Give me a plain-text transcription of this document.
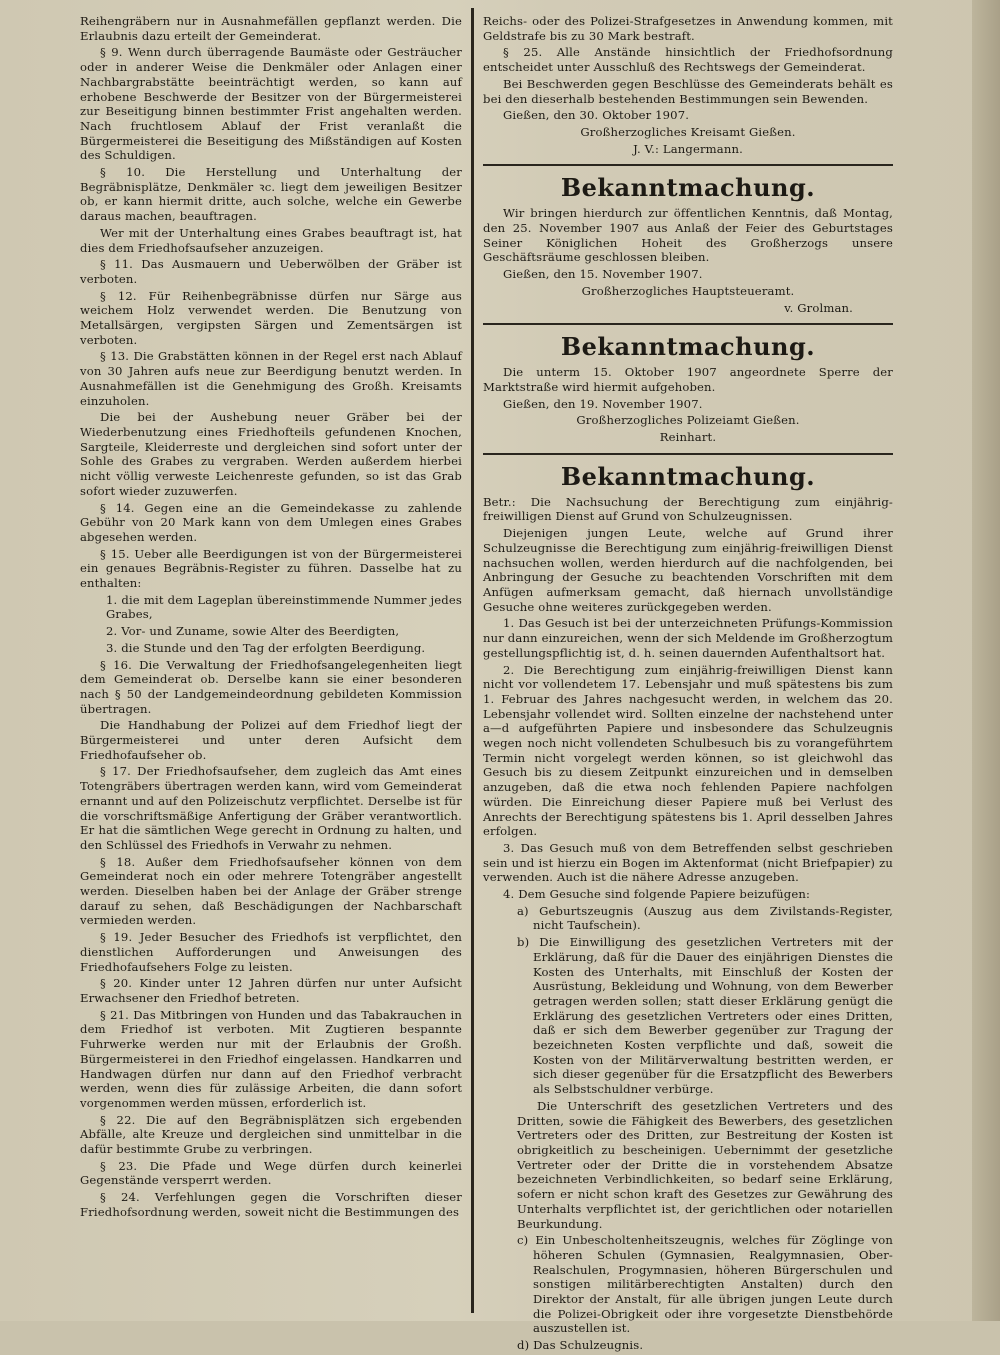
Reihengräbern nur in Ausnahmefällen gepflanzt werden. Die Erlaubnis dazu erteilt der Gemeinderat.

§ 9. Wenn durch überragende Baumäste oder Gesträucher oder in anderer Weise die Denkmäler oder Anlagen einer Nachbargrabstätte beeinträchtigt werden, so kann auf erhobene Beschwerde der Besitzer von der Bürgermeisterei zur Beseitigung binnen bestimmter Frist angehalten werden. Nach fruchtlosem Ablauf der Frist veranlaßt die Bürgermeisterei die Beseitigung des Mißständigen auf Kosten des Schuldigen.

§ 10. Die Herstellung und Unterhaltung der Begräbnisplätze, Denkmäler ꝛc. liegt dem jeweiligen Besitzer ob, er kann hiermit dritte, auch solche, welche ein Gewerbe daraus machen, beauftragen.

Wer mit der Unterhaltung eines Grabes beauftragt ist, hat dies dem Friedhofsaufseher anzuzeigen.

§ 11. Das Ausmauern und Ueberwölben der Gräber ist verboten.

§ 12. Für Reihenbegräbnisse dürfen nur Särge aus weichem Holz verwendet werden. Die Benutzung von Metallsärgen, vergipsten Särgen und Zementsärgen ist verboten.

§ 13. Die Grabstätten können in der Regel erst nach Ablauf von 30 Jahren aufs neue zur Beerdigung benutzt werden. In Ausnahmefällen ist die Genehmigung des Großh. Kreisamts einzuholen.

Die bei der Aushebung neuer Gräber bei der Wiederbenutzung eines Friedhofteils gefundenen Knochen, Sargteile, Kleiderreste und dergleichen sind sofort unter der Sohle des Grabes zu vergraben. Werden außerdem hierbei nicht völlig verweste Leichenreste gefunden, so ist das Grab sofort wieder zuzuwerfen.

§ 14. Gegen eine an die Gemeindekasse zu zahlende Gebühr von 20 Mark kann von dem Umlegen eines Grabes abgesehen werden.

§ 15. Ueber alle Beerdigungen ist von der Bürgermeisterei ein genaues Begräbnis-Register zu führen. Dasselbe hat zu enthalten:

1. die mit dem Lageplan übereinstimmende Nummer jedes Grabes,

2. Vor- und Zuname, sowie Alter des Beerdigten,

3. die Stunde und den Tag der erfolgten Beerdigung.

§ 16. Die Verwaltung der Friedhofsangelegenheiten liegt dem Gemeinderat ob. Derselbe kann sie einer besonderen nach § 50 der Landgemeindeordnung gebildeten Kommission übertragen.

Die Handhabung der Polizei auf dem Friedhof liegt der Bürgermeisterei und unter deren Aufsicht dem Friedhofaufseher ob.

§ 17. Der Friedhofsaufseher, dem zugleich das Amt eines Totengräbers übertragen werden kann, wird vom Gemeinderat ernannt und auf den Polizeischutz verpflichtet. Derselbe ist für die vorschriftsmäßige Anfertigung der Gräber verantwortlich. Er hat die sämtlichen Wege gerecht in Ordnung zu halten, und den Schlüssel des Friedhofs in Verwahr zu nehmen.

§ 18. Außer dem Friedhofsaufseher können von dem Gemeinderat noch ein oder mehrere Totengräber angestellt werden. Dieselben haben bei der Anlage der Gräber strenge darauf zu sehen, daß Beschädigungen der Nachbarschaft vermieden werden.

§ 19. Jeder Besucher des Friedhofs ist verpflichtet, den dienstlichen Aufforderungen und Anweisungen des Friedhofaufsehers Folge zu leisten.

§ 20. Kinder unter 12 Jahren dürfen nur unter Aufsicht Erwachsener den Friedhof betreten.

§ 21. Das Mitbringen von Hunden und das Tabakrauchen in dem Friedhof ist verboten. Mit Zugtieren bespannte Fuhrwerke werden nur mit der Erlaubnis der Großh. Bürgermeisterei in den Friedhof eingelassen. Handkarren und Handwagen dürfen nur dann auf den Friedhof verbracht werden, wenn dies für zulässige Arbeiten, die dann sofort vorgenommen werden müssen, erforderlich ist.

§ 22. Die auf den Begräbnisplätzen sich ergebenden Abfälle, alte Kreuze und dergleichen sind unmittelbar in die dafür bestimmte Grube zu verbringen.

§ 23. Die Pfade und Wege dürfen durch keinerlei Gegenstände versperrt werden.

§ 24. Verfehlungen gegen die Vorschriften dieser Friedhofsordnung werden, soweit nicht die Bestimmungen des

Reichs- oder des Polizei-Strafgesetzes in Anwendung kommen, mit Geldstrafe bis zu 30 Mark bestraft.

§ 25. Alle Anstände hinsichtlich der Friedhofsordnung entscheidet unter Ausschluß des Rechtswegs der Gemeinderat.

Bei Beschwerden gegen Beschlüsse des Gemeinderats behält es bei den dieserhalb bestehenden Bestimmungen sein Bewenden.

Gießen, den 30. Oktober 1907.

Großherzogliches Kreisamt Gießen.

J. V.: Langermann.

Bekanntmachung.

Wir bringen hierdurch zur öffentlichen Kenntnis, daß Montag, den 25. November 1907 aus Anlaß der Feier des Geburtstages Seiner Königlichen Hoheit des Großherzogs unsere Geschäftsräume geschlossen bleiben.

Gießen, den 15. November 1907.

Großherzogliches Hauptsteueramt.

v. Grolman.

Bekanntmachung.

Die unterm 15. Oktober 1907 angeordnete Sperre der Marktstraße wird hiermit aufgehoben.

Gießen, den 19. November 1907.

Großherzogliches Polizeiamt Gießen.

Reinhart.

Bekanntmachung.

Betr.: Die Nachsuchung der Berechtigung zum einjährig-freiwilligen Dienst auf Grund von Schulzeugnissen.

Diejenigen jungen Leute, welche auf Grund ihrer Schulzeugnisse die Berechtigung zum einjährig-freiwilligen Dienst nachsuchen wollen, werden hierdurch auf die nachfolgenden, bei Anbringung der Gesuche zu beachtenden Vorschriften mit dem Anfügen aufmerksam gemacht, daß hiernach unvollständige Gesuche ohne weiteres zurückgegeben werden.

1. Das Gesuch ist bei der unterzeichneten Prüfungs-Kommission nur dann einzureichen, wenn der sich Meldende im Großherzogtum gestellungspflichtig ist, d. h. seinen dauernden Aufenthaltsort hat.

2. Die Berechtigung zum einjährig-freiwilligen Dienst kann nicht vor vollendetem 17. Lebensjahr und muß spätestens bis zum 1. Februar des Jahres nachgesucht werden, in welchem das 20. Lebensjahr vollendet wird. Sollten einzelne der nachstehend unter a—d aufgeführten Papiere und insbesondere das Schulzeugnis wegen noch nicht vollendeten Schulbesuch bis zu vorangeführtem Termin nicht vorgelegt werden können, so ist gleichwohl das Gesuch bis zu diesem Zeitpunkt einzureichen und in demselben anzugeben, daß die etwa noch fehlenden Papiere nachfolgen würden. Die Einreichung dieser Papiere muß bei Verlust des Anrechts der Berechtigung spätestens bis 1. April desselben Jahres erfolgen.

3. Das Gesuch muß von dem Betreffenden selbst geschrieben sein und ist hierzu ein Bogen im Aktenformat (nicht Briefpapier) zu verwenden. Auch ist die nähere Adresse anzugeben.

4. Dem Gesuche sind folgende Papiere beizufügen:

a) Geburtszeugnis (Auszug aus dem Zivilstands-Register, nicht Taufschein).

b) Die Einwilligung des gesetzlichen Vertreters mit der Erklärung, daß für die Dauer des einjährigen Dienstes die Kosten des Unterhalts, mit Einschluß der Kosten der Ausrüstung, Bekleidung und Wohnung, von dem Bewerber getragen werden sollen; statt dieser Erklärung genügt die Erklärung des gesetzlichen Vertreters oder eines Dritten, daß er sich dem Bewerber gegenüber zur Tragung der bezeichneten Kosten verpflichte und daß, soweit die Kosten von der Militärverwaltung bestritten werden, er sich dieser gegenüber für die Ersatzpflicht des Bewerbers als Selbstschuldner verbürge.

Die Unterschrift des gesetzlichen Vertreters und des Dritten, sowie die Fähigkeit des Bewerbers, des gesetzlichen Vertreters oder des Dritten, zur Bestreitung der Kosten ist obrigkeitlich zu bescheinigen. Uebernimmt der gesetzliche Vertreter oder der Dritte die in vorstehendem Absatze bezeichneten Verbindlichkeiten, so bedarf seine Erklärung, sofern er nicht schon kraft des Gesetzes zur Gewährung des Unterhalts verpflichtet ist, der gerichtlichen oder notariellen Beurkundung.

c) Ein Unbescholtenheitszeugnis, welches für Zöglinge von höheren Schulen (Gymnasien, Realgymnasien, Ober-Realschulen, Progymnasien, höheren Bürgerschulen und sonstigen militärberechtigten Anstalten) durch den Direktor der Anstalt, für alle übrigen jungen Leute durch die Polizei-Obrigkeit oder ihre vorgesetzte Dienstbehörde auszustellen ist.

d) Das Schulzeugnis.
